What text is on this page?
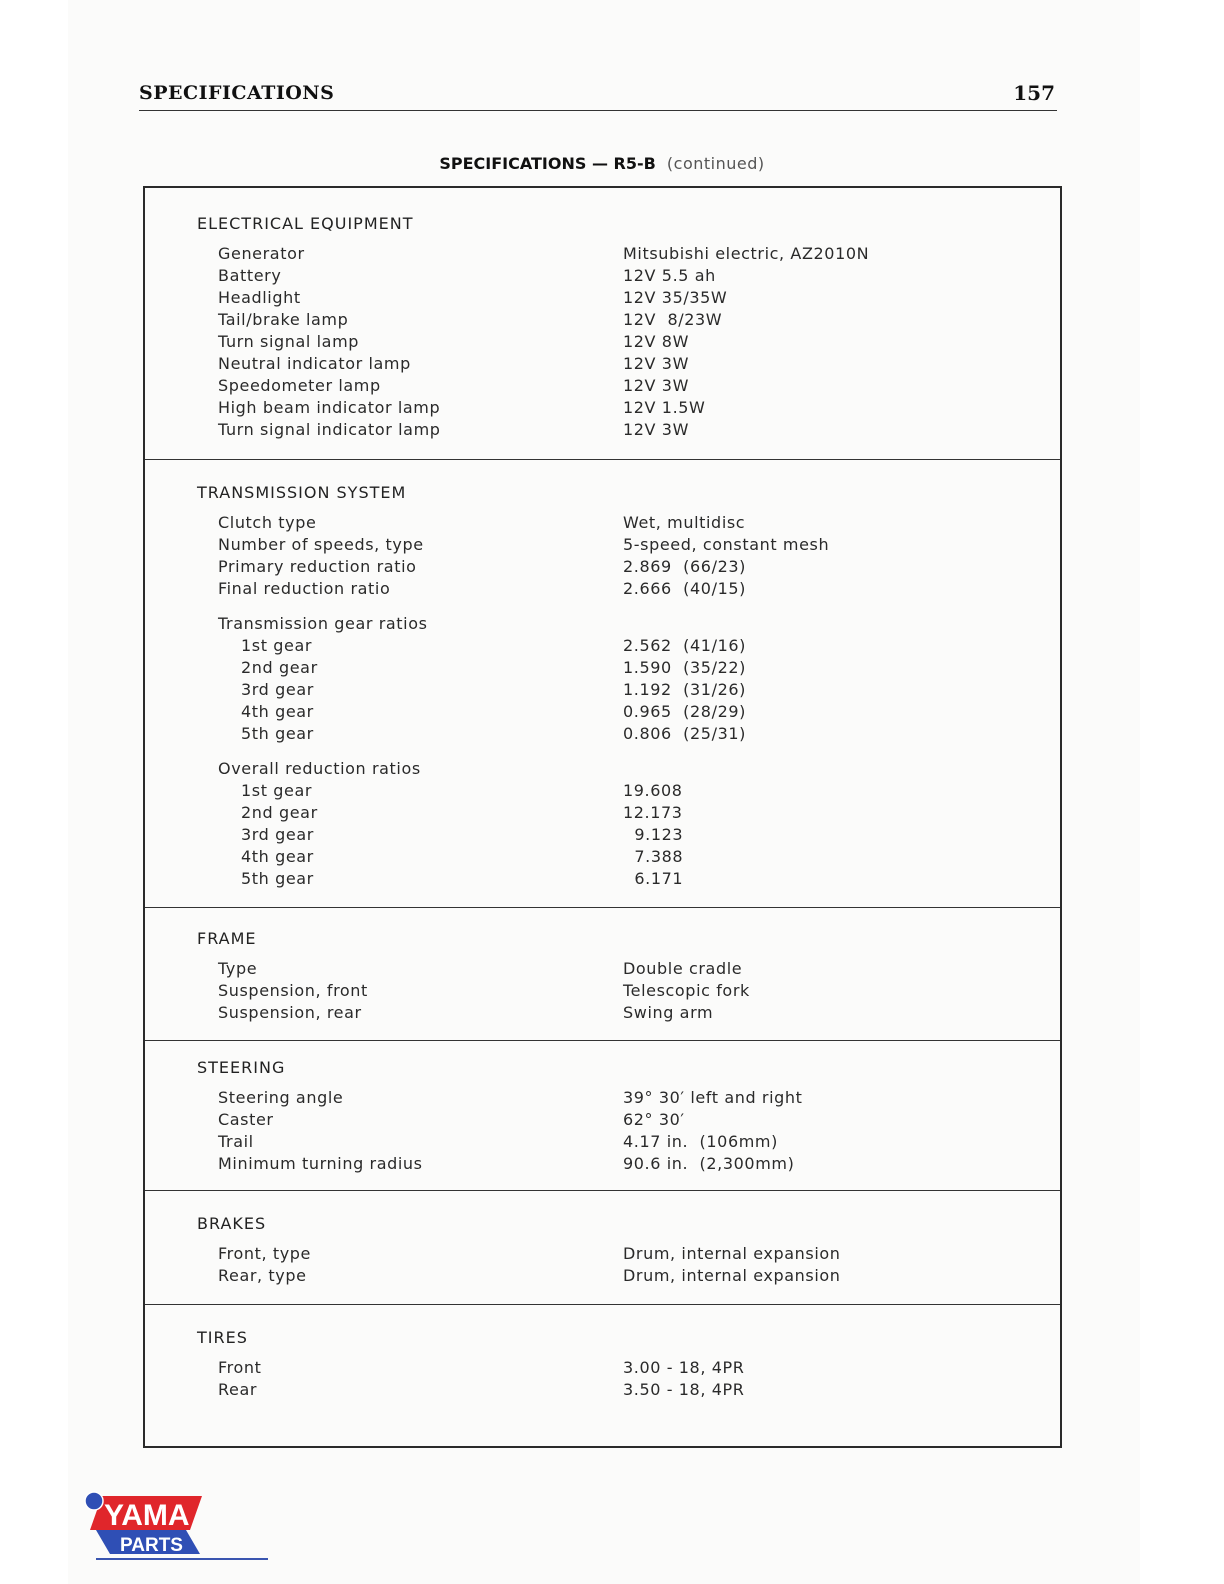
SPECIFICATIONS	157
SPECIFICATIONS — R5-B (continued)
ELECTRICAL EQUIPMENT
Generator	Mitsubishi electric, AZ2010N
Battery	12V 5.5 ah
Headlight	12V 35/35W
Tail/brake lamp	12V  8/23W
Turn signal lamp	12V 8W
Neutral indicator lamp	12V 3W
Speedometer lamp	12V 3W
High beam indicator lamp	12V 1.5W
Turn signal indicator lamp	12V 3W
TRANSMISSION SYSTEM
Clutch type	Wet, multidisc
Number of speeds, type	5-speed, constant mesh
Primary reduction ratio	2.869  (66/23)
Final reduction ratio	2.666  (40/15)
Transmission gear ratios
1st gear	2.562  (41/16)
2nd gear	1.590  (35/22)
3rd gear	1.192  (31/26)
4th gear	0.965  (28/29)
5th gear	0.806  (25/31)
Overall reduction ratios
1st gear	19.608
2nd gear	12.173
3rd gear	9.123
4th gear	7.388
5th gear	6.171
FRAME
Type	Double cradle
Suspension, front	Telescopic fork
Suspension, rear	Swing arm
STEERING
Steering angle	39° 30′ left and right
Caster	62° 30′
Trail	4.17 in.  (106mm)
Minimum turning radius	90.6 in.  (2,300mm)
BRAKES
Front, type	Drum, internal expansion
Rear, type	Drum, internal expansion
TIRES
Front	3.00 - 18, 4PR
Rear	3.50 - 18, 4PR
YAMA
PARTS
